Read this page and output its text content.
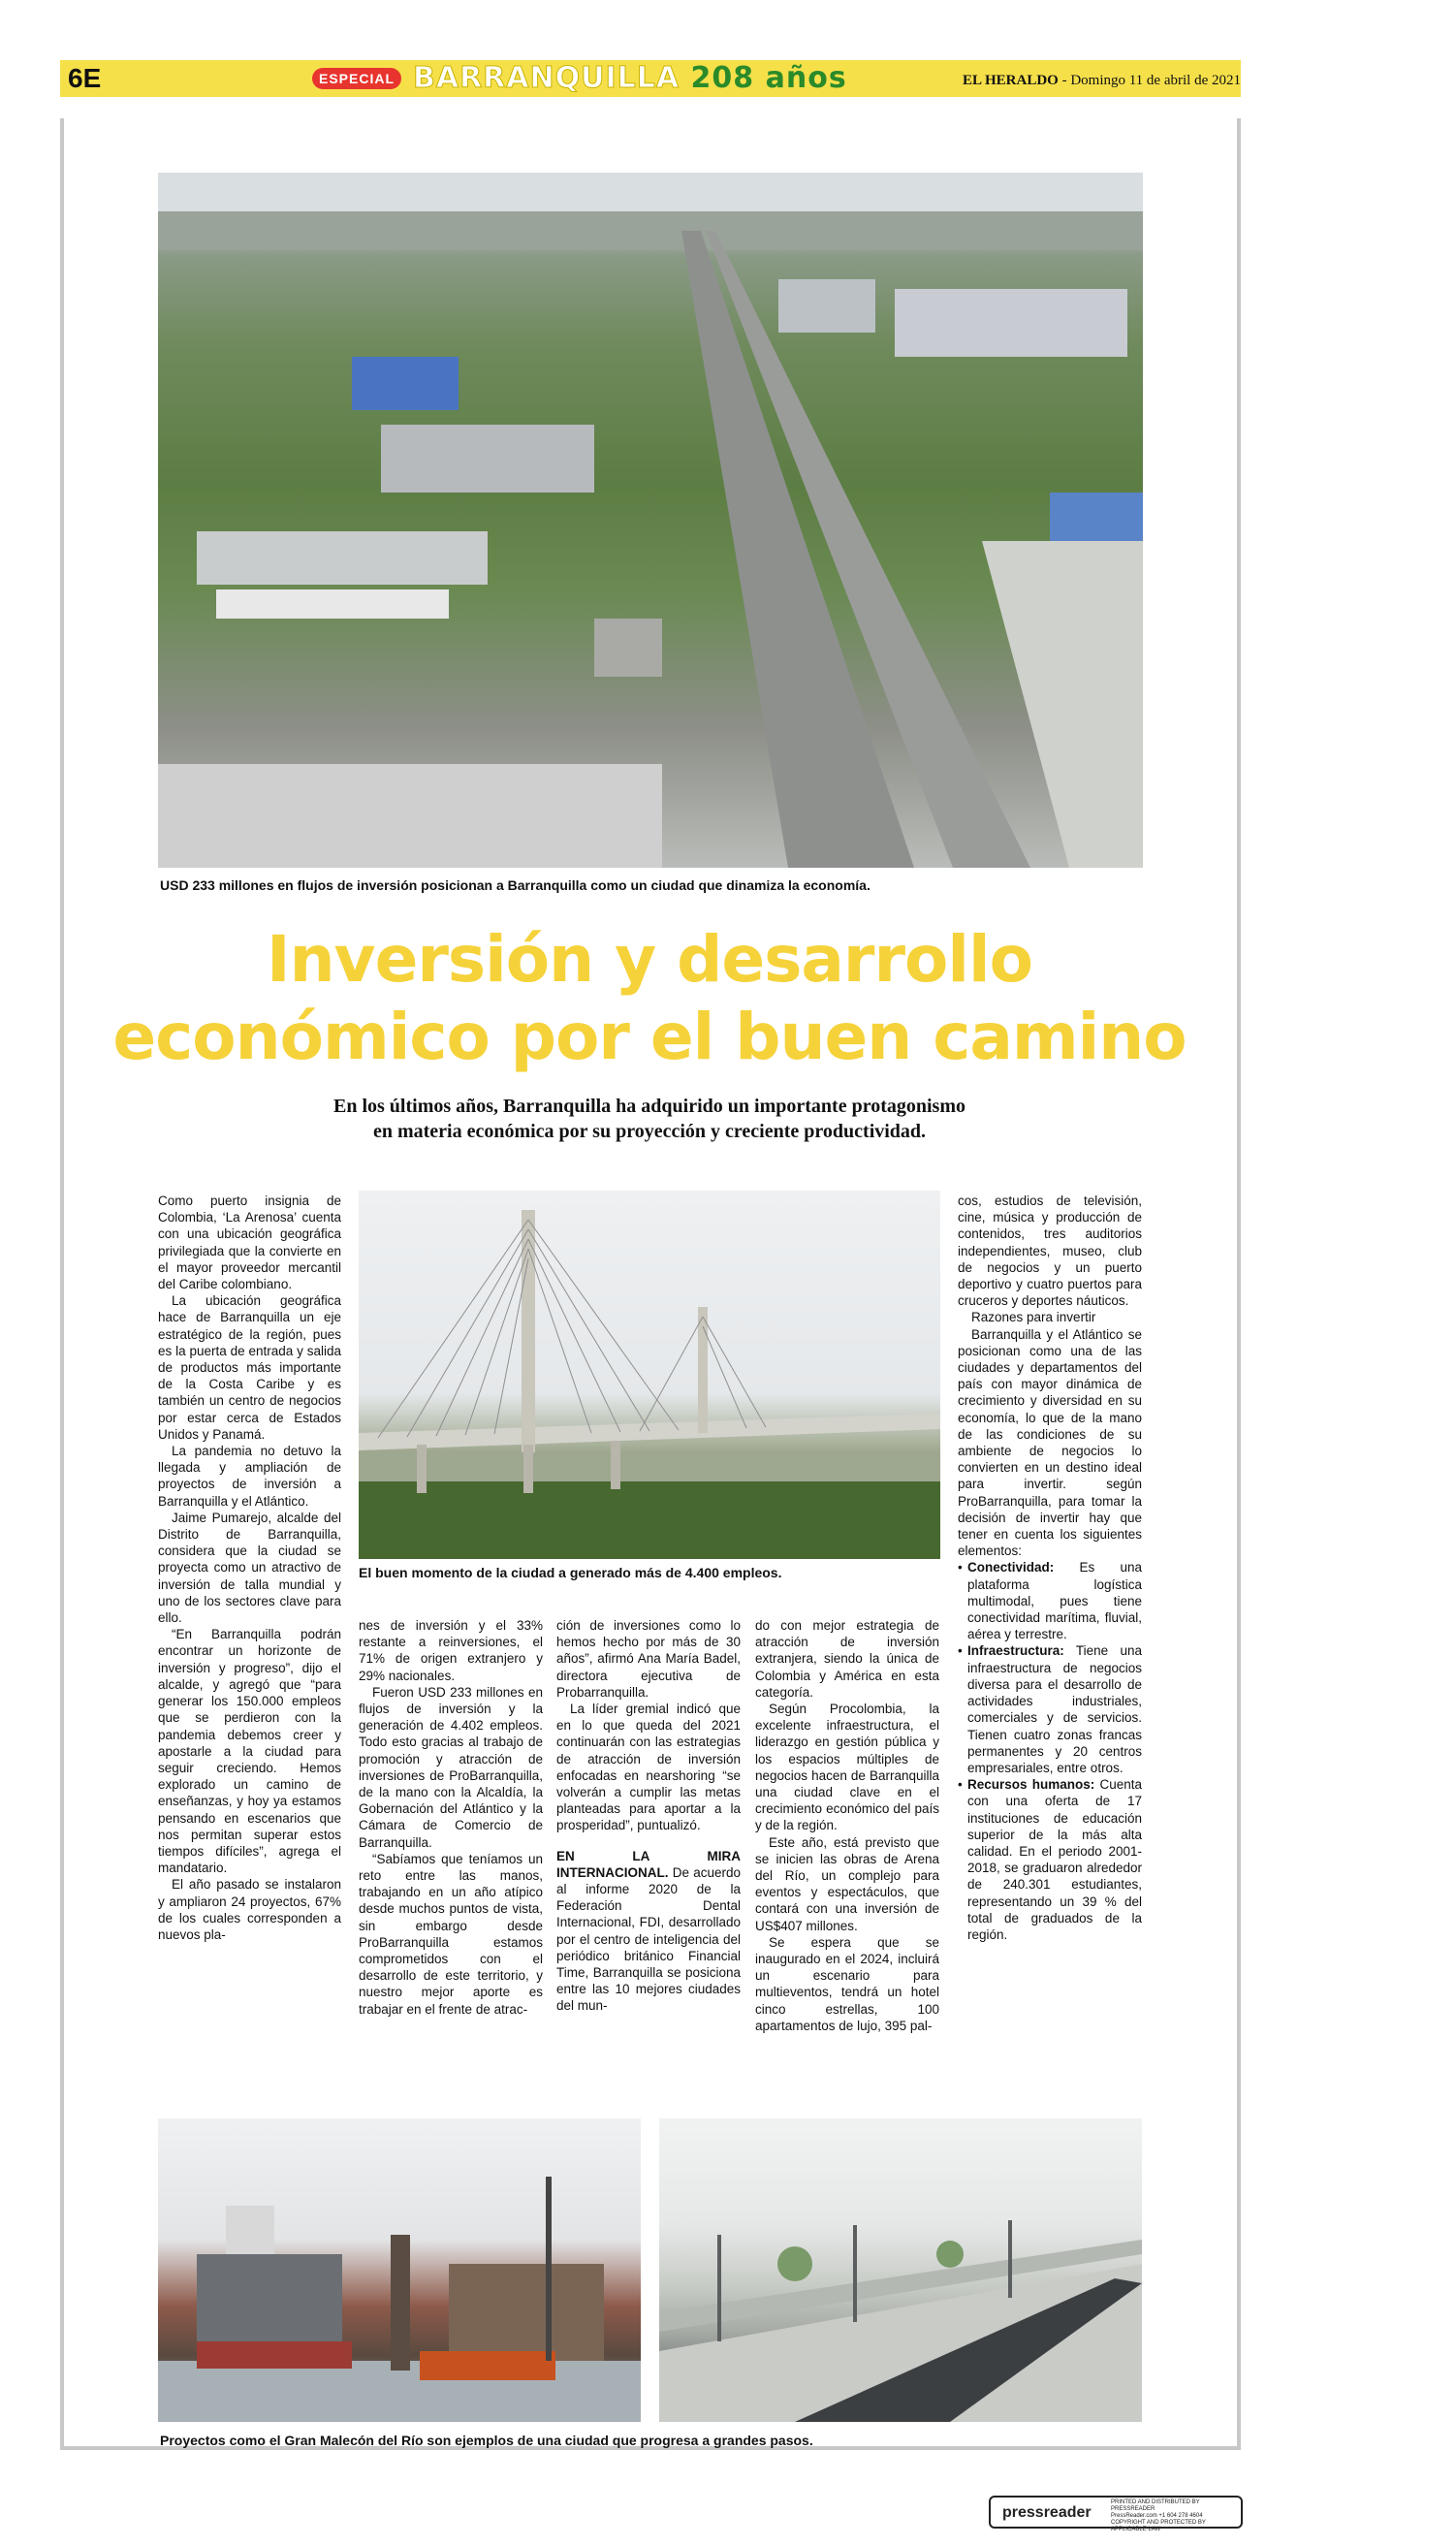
6E	ESPECIAL BARRANQUILLA 208 años	EL HERALDO - Domingo 11 de abril de 2021
USD 233 millones en flujos de inversión posicionan a Barranquilla como un ciudad que dinamiza la economía.
Inversión y desarrollo
económico por el buen camino
En los últimos años, Barranquilla ha adquirido un importante protagonismo
en materia económica por su proyección y creciente productividad.
El buen momento de la ciudad a generado más de 4.400 empleos.

Como puerto insignia de Colombia, ‘La Arenosa’ cuenta con una ubicación geográfica privilegiada que la convierte en el mayor proveedor mercantil del Caribe colombiano.

La ubicación geográfica hace de Barranquilla un eje estratégico de la región, pues es la puerta de entrada y salida de productos más importante de la Costa Caribe y es también un centro de negocios por estar cerca de Estados Unidos y Panamá.

La pandemia no detuvo la llegada y ampliación de proyectos de inversión a Barranquilla y el Atlántico.

Jaime Pumarejo, alcalde del Distrito de Barranquilla, considera que la ciudad se proyecta como un atractivo de inversión de talla mundial y uno de los sectores clave para ello.

“En Barranquilla podrán encontrar un horizonte de inversión y progreso”, dijo el alcalde, y agregó que “para generar los 150.000 empleos que se perdieron con la pandemia debemos creer y apostarle a la ciudad para seguir creciendo. Hemos explorado un camino de enseñanzas, y hoy ya estamos pensando en escenarios que nos permitan superar estos tiempos difíciles”, agrega el mandatario.

El año pasado se instalaron y ampliaron 24 proyectos, 67% de los cuales corresponden a nuevos pla-

nes de inversión y el 33% restante a reinversiones, el 71% de origen extranjero y 29% nacionales.

Fueron USD 233 millones en flujos de inversión y la generación de 4.402 empleos. Todo esto gracias al trabajo de promoción y atracción de inversiones de ProBarranquilla, de la mano con la Alcaldía, la Gobernación del Atlántico y la Cámara de Comercio de Barranquilla.

“Sabíamos que teníamos un reto entre las manos, trabajando en un año atípico desde muchos puntos de vista, sin embargo desde ProBarranquilla estamos comprometidos con el desarrollo de este territorio, y nuestro mejor aporte es trabajar en el frente de atrac-

ción de inversiones como lo hemos hecho por más de 30 años”, afirmó Ana María Badel, directora ejecutiva de Probarranquilla.

La líder gremial indicó que en lo que queda del 2021 continuarán con las estrategias de atracción de inversión enfocadas en nearshoring “se volverán a cumplir las metas planteadas para aportar a la prosperidad”, puntualizó.

EN LA MIRA INTERNACIONAL. De acuerdo al informe 2020 de la Federación Dental Internacional, FDI, desarrollado por el centro de inteligencia del periódico británico Financial Time, Barranquilla se posiciona entre las 10 mejores ciudades del mun-

do con mejor estrategia de atracción de inversión extranjera, siendo la única de Colombia y América en esta categoría.

Según Procolombia, la excelente infraestructura, el liderazgo en gestión pública y los espacios múltiples de negocios hacen de Barranquilla una ciudad clave en el crecimiento económico del país y de la región.

Este año, está previsto que se inicien las obras de Arena del Río, un complejo para eventos y espectáculos, que contará con una inversión de US$407 millones.

Se espera que se inaugurado en el 2024, incluirá un escenario para multieventos, tendrá un hotel cinco estrellas, 100 apartamentos de lujo, 395 pal-

cos, estudios de televisión, cine, música y producción de contenidos, tres auditorios independientes, museo, club de negocios y un puerto deportivo y cuatro puertos para cruceros y deportes náuticos.

Razones para invertir

Barranquilla y el Atlántico se posicionan como una de las ciudades y departamentos del país con mayor dinámica de crecimiento y diversidad en su economía, lo que de la mano de las condiciones de su ambiente de negocios lo convierten en un destino ideal para invertir. según ProBarranquilla, para tomar la decisión de invertir hay que tener en cuenta los siguientes elementos:

• Conectividad: Es una plataforma logística multimodal, pues tiene conectividad marítima, fluvial, aérea y terrestre.

• Infraestructura: Tiene una infraestructura de negocios diversa para el desarrollo de actividades industriales, comerciales y de servicios. Tienen cuatro zonas francas permanentes y 20 centros empresariales, entre otros.

• Recursos humanos: Cuenta con una oferta de 17 instituciones de educación superior de la más alta calidad. En el periodo 2001-2018, se graduaron alrededor de 240.301 estudiantes, representando un 39 % del total de graduados de la región.

Proyectos como el Gran Malecón del Río son ejemplos de una ciudad que progresa a grandes pasos.
pressreader
PRINTED AND DISTRIBUTED BY PRESSREADER
PressReader.com +1 604 278 4604
COPYRIGHT AND PROTECTED BY APPLICABLE LAW
